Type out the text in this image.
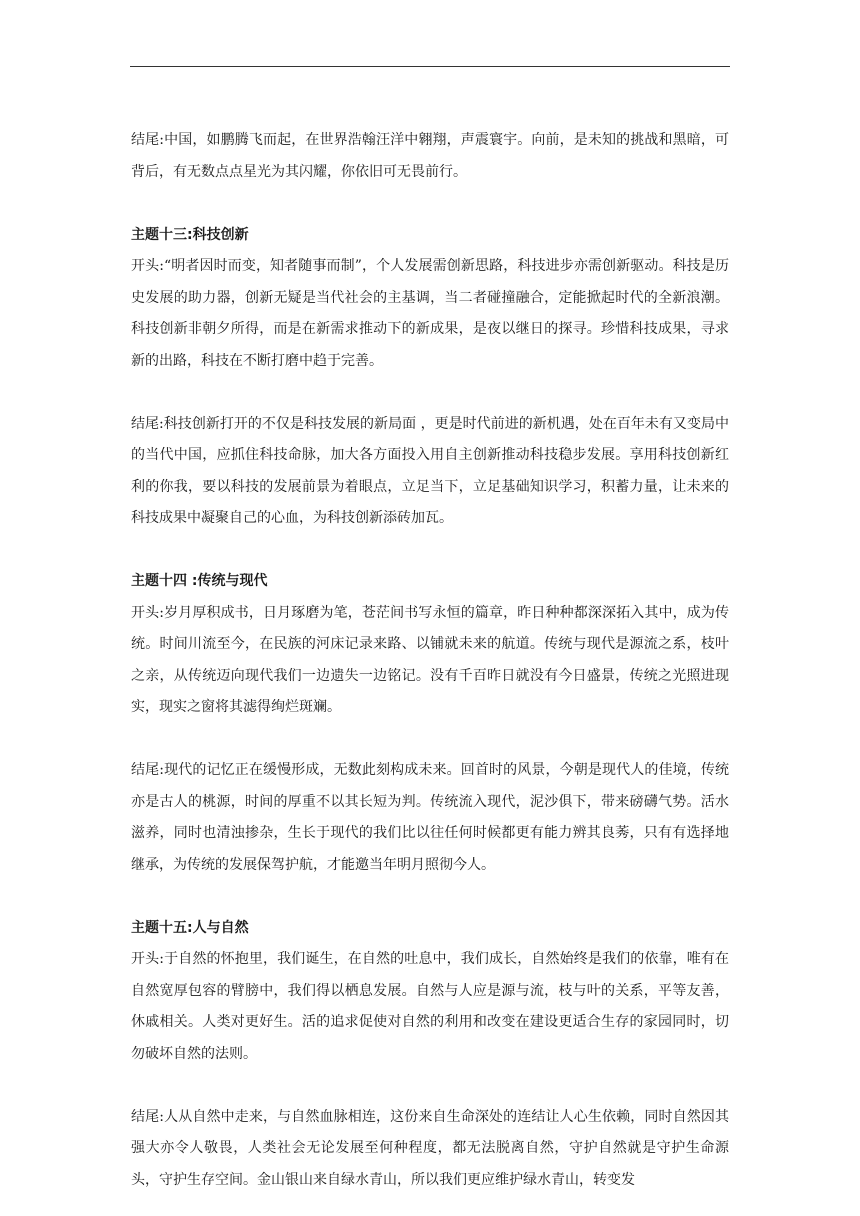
结尾:中国，如鹏腾飞而起，在世界浩翰汪洋中翱翔，声震寰宇。向前，是未知的挑战和黑暗，可背后，有无数点点星光为其闪耀，你依旧可无畏前行。

主题十三:科技创新

开头:“明者因时而变，知者随事而制”，个人发展需创新思路，科技进步亦需创新驱动。科技是历史发展的助力器，创新无疑是当代社会的主基调，当二者碰撞融合，定能掀起时代的全新浪潮。科技创新非朝夕所得，而是在新需求推动下的新成果，是夜以继日的探寻。珍惜科技成果，寻求新的出路，科技在不断打磨中趋于完善。

结尾:科技创新打开的不仅是科技发展的新局面 ，更是时代前进的新机遇，处在百年未有又变局中的当代中国，应抓住科技命脉，加大各方面投入用自主创新推动科技稳步发展。享用科技创新红利的你我，要以科技的发展前景为着眼点，立足当下，立足基础知识学习，积蓄力量，让未来的科技成果中凝聚自己的心血，为科技创新添砖加瓦。

主题十四 :传统与现代

开头:岁月厚积成书，日月琢磨为笔，苍茫间书写永恒的篇章，昨日种种都深深拓入其中，成为传统。时间川流至今，在民族的河床记录来路、以铺就未来的航道。传统与现代是源流之系，枝叶之亲，从传统迈向现代我们一边遗失一边铭记。没有千百昨日就没有今日盛景，传统之光照进现实，现实之窗将其滤得绚烂斑斓。

结尾:现代的记忆正在缓慢形成，无数此刻构成未来。回首时的风景，今朝是现代人的佳境，传统亦是古人的桃源，时间的厚重不以其长短为判。传统流入现代，泥沙俱下，带来磅礴气势。活水滋养，同时也清浊掺杂，生长于现代的我们比以往任何时候都更有能力辨其良莠，只有有选择地继承，为传统的发展保驾护航，才能邀当年明月照彻今人。

主题十五:人与自然

开头:于自然的怀抱里，我们诞生，在自然的吐息中，我们成长，自然始终是我们的依靠，唯有在自然宽厚包容的臂膀中，我们得以栖息发展。自然与人应是源与流，枝与叶的关系，平等友善，休戚相关。人类对更好生。活的追求促使对自然的利用和改变在建设更适合生存的家园同时，切勿破坏自然的法则。

结尾:人从自然中走来，与自然血脉相连，这份来自生命深处的连结让人心生依赖，同时自然因其强大亦令人敬畏，人类社会无论发展至何种程度，都无法脱离自然，守护自然就是守护生命源头，守护生存空间。金山银山来自绿水青山，所以我们更应维护绿水青山，转变发
